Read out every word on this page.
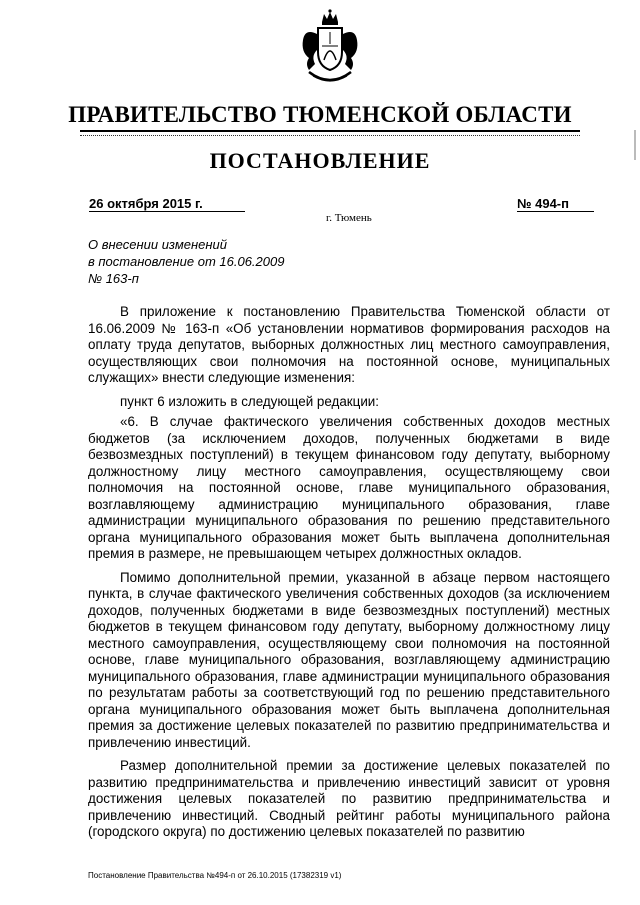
ПРАВИТЕЛЬСТВО ТЮМЕНСКОЙ ОБЛАСТИ
ПОСТАНОВЛЕНИЕ
26 октября 2015 г.	№ 494-п
г. Тюмень
О внесении изменений
в постановление от 16.06.2009
№ 163-п

В приложение к постановлению Правительства Тюменской области от 16.06.2009 № 163-п «Об установлении нормативов формирования расходов на оплату труда депутатов, выборных должностных лиц местного самоуправления, осуществляющих свои полномочия на постоянной основе, муниципальных служащих» внести следующие изменения:

пункт 6 изложить в следующей редакции:

«6. В случае фактического увеличения собственных доходов местных бюджетов (за исключением доходов, полученных бюджетами в виде безвозмездных поступлений) в текущем финансовом году депутату, выборному должностному лицу местного самоуправления, осуществляющему свои полномочия на постоянной основе, главе муниципального образования, возглавляющему администрацию муниципального образования, главе администрации муниципального образования по решению представительного органа муниципального образования может быть выплачена дополнительная премия в размере, не превышающем четырех должностных окладов.

Помимо дополнительной премии, указанной в абзаце первом настоящего пункта, в случае фактического увеличения собственных доходов (за исключением доходов, полученных бюджетами в виде безвозмездных поступлений) местных бюджетов в текущем финансовом году депутату, выборному должностному лицу местного самоуправления, осуществляющему свои полномочия на постоянной основе, главе муниципального образования, возглавляющему администрацию муниципального образования, главе администрации муниципального образования по результатам работы за соответствующий год по решению представительного органа муниципального образования может быть выплачена дополнительная премия за достижение целевых показателей по развитию предпринимательства и привлечению инвестиций.

Размер дополнительной премии за достижение целевых показателей по развитию предпринимательства и привлечению инвестиций зависит от уровня достижения целевых показателей по развитию предпринимательства и привлечению инвестиций. Сводный рейтинг работы муниципального района (городского округа) по достижению целевых показателей по развитию

Постановление Правительства №494-п от 26.10.2015 (17382319 v1)
